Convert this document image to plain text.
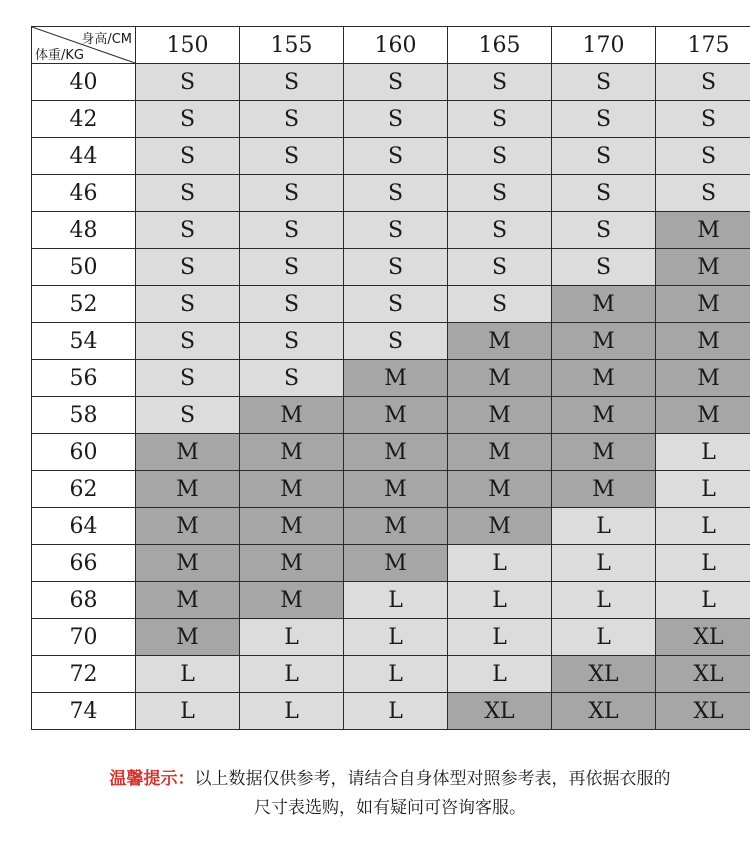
身高/CM
体重/KG	150	155	160	165	170	175
40	S	S	S	S	S	S
42	S	S	S	S	S	S
44	S	S	S	S	S	S
46	S	S	S	S	S	S
48	S	S	S	S	S	M
50	S	S	S	S	S	M
52	S	S	S	S	M	M
54	S	S	S	M	M	M
56	S	S	M	M	M	M
58	S	M	M	M	M	M
60	M	M	M	M	M	L
62	M	M	M	M	M	L
64	M	M	M	M	L	L
66	M	M	M	L	L	L
68	M	M	L	L	L	L
70	M	L	L	L	L	XL
72	L	L	L	L	XL	XL
74	L	L	L	XL	XL	XL
温馨提示：以上数据仅供参考，请结合自身体型对照参考表，再依据衣服的
尺寸表选购，如有疑问可咨询客服。
